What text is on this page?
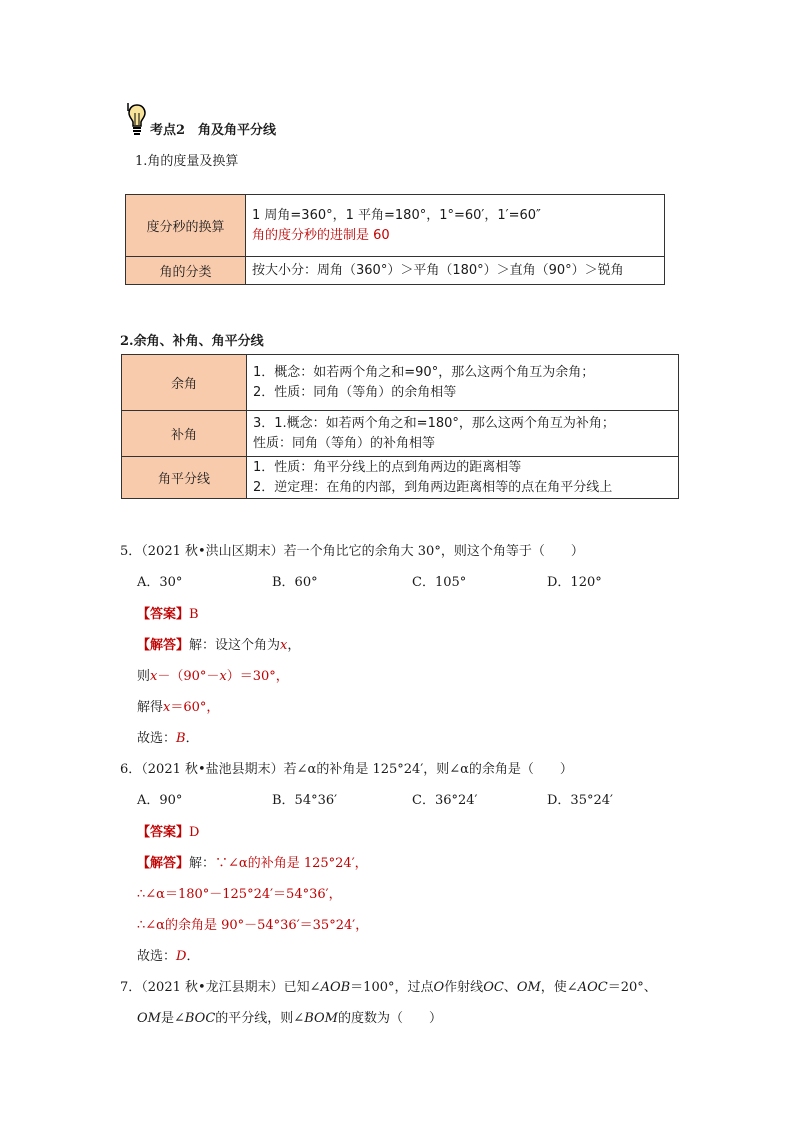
考点2　角及角平分线
1.角的度量及换算
度分秒的换算	1 周角=360°，1 平角=180°，1°=60′，1′=60″
角的度分秒的进制是 60

角的分类	按大小分：周角（360°）＞平角（180°）＞直角（90°）＞锐角
2.余角、补角、角平分线
余角	1．概念：如若两个角之和=90°，那么这两个角互为余角；
2．性质：同角（等角）的余角相等

补角	3．1.概念：如若两个角之和=180°，那么这两个角互为补角；
性质：同角（等角）的补角相等

角平分线	1．性质：角平分线上的点到角两边的距离相等
2．逆定理：在角的内部，到角两边距离相等的点在角平分线上
5．（2021 秋•洪山区期末）若一个角比它的余角大 30°，则这个角等于（　　）
A．30°	B．60°	C．105°	D．120°
【答案】B
【解答】解：设这个角为x，
则x－（90°－x）＝30°，
解得x＝60°，
故选：B．
6．（2021 秋•盐池县期末）若∠α的补角是 125°24′，则∠α的余角是（　　）
A．90°	B．54°36′	C．36°24′	D．35°24′
【答案】D
【解答】解：∵∠α的补角是 125°24′，
∴∠α＝180°－125°24′＝54°36′，
∴∠α的余角是 90°－54°36′＝35°24′，
故选：D．
7．（2021 秋•龙江县期末）已知∠AOB＝100°，过点O作射线OC、OM，使∠AOC＝20°、
OM是∠BOC的平分线，则∠BOM的度数为（　　）
